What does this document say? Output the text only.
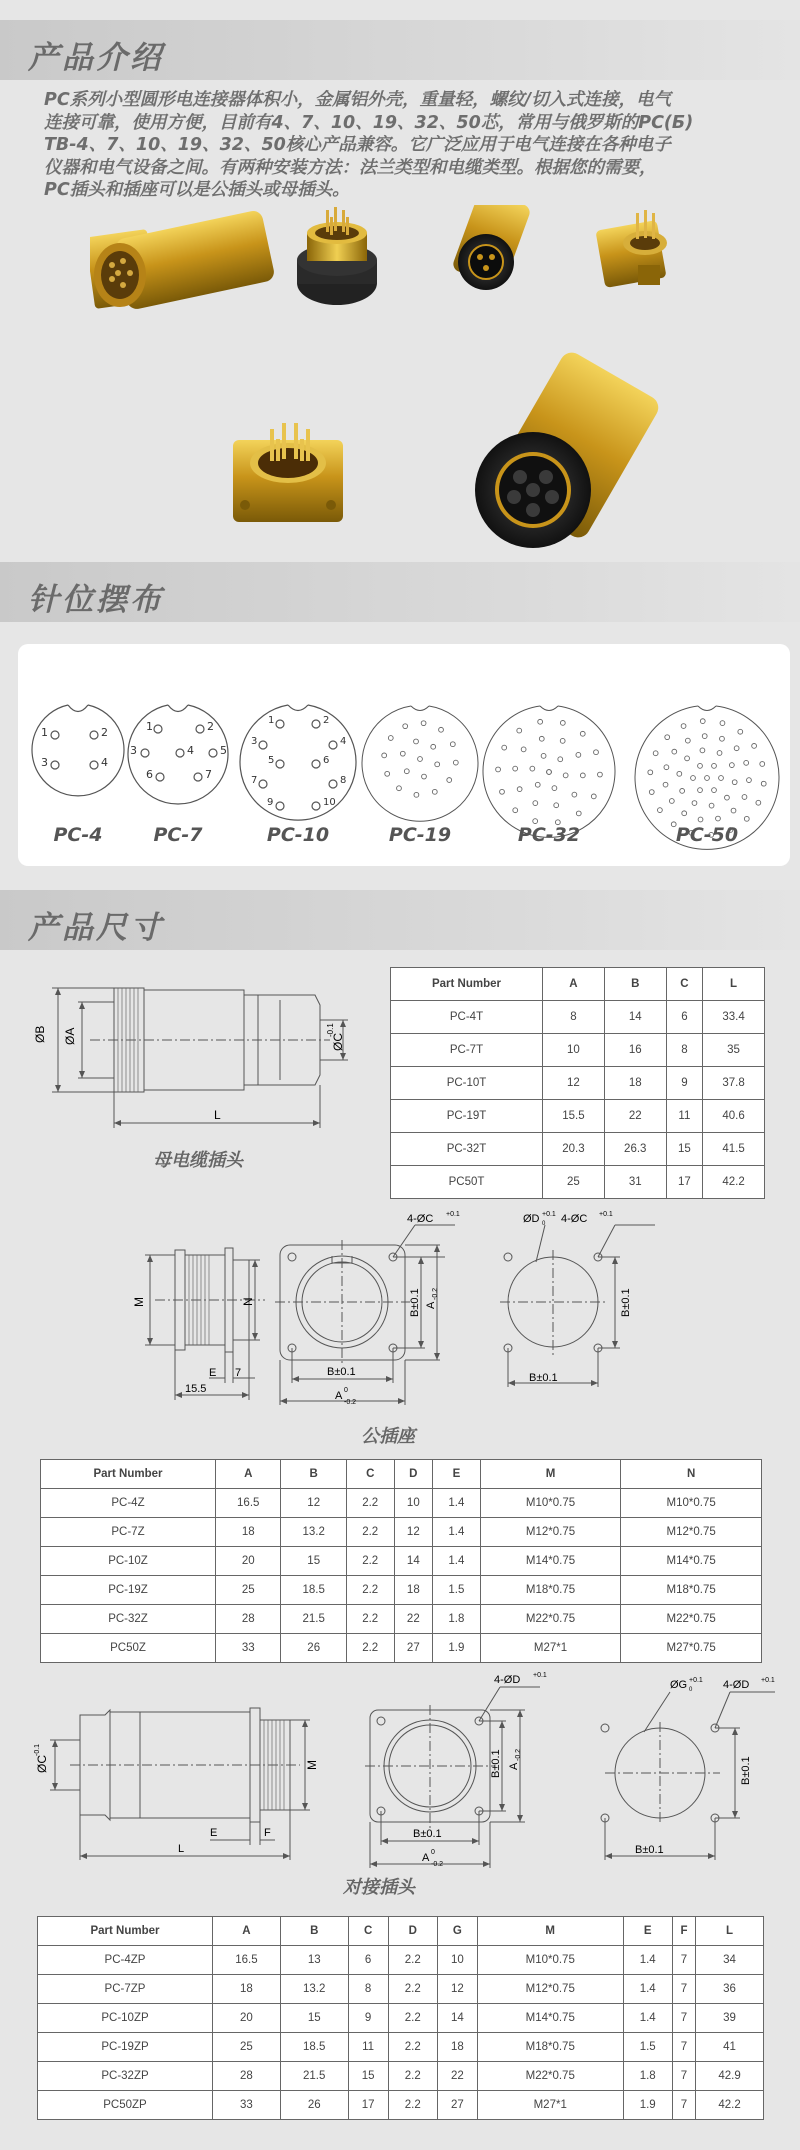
产品介绍
PC系列小型圆形电连接器体积小，金属铝外壳，重量轻，螺纹/切入式连接，电气
连接可靠，使用方便，目前有4、7、10、19、32、50芯，常用与俄罗斯的PC(Б)
ТВ-4、7、10、19、32、50核心产品兼容。它广泛应用于电气连接在各种电子
仪器和电气设备之间。有两种安装方法：法兰类型和电缆类型。根据您的需要，
PC插头和插座可以是公插头或母插头。
针位摆布
1	2
3	4
1	2
3	4 5
6	7
1	2
3	4
5	6
7	8
9	10
PC-4	PC-7	PC-10	PC-19	PC-32	PC-50
产品尺寸
ØB ØA
L
ØC
-0.1
母电缆插头
Part Number	A	B	C	L
PC-4T	8	14	6	33.4
PC-7T	10	16	8	35
PC-10T	12	18	9	37.8
PC-19T	15.5	22	11	40.6
PC-32T	20.3	26.3	15	41.5
PC50T	25	31	17	42.2
M	N
E 7
15.5
4-ØC +0.1
B±0.1 A
-0.2
B±0.1
A 0
-0.2
4-ØC +0.1
ØD +0.1
0
B±0.1
B±0.1
公插座
Part Number	A	B	C	D	E	M	N
PC-4Z	16.5	12	2.2	10	1.4	M10*0.75	M10*0.75
PC-7Z	18	13.2	2.2	12	1.4	M12*0.75	M12*0.75
PC-10Z	20	15	2.2	14	1.4	M14*0.75	M14*0.75
PC-19Z	25	18.5	2.2	18	1.5	M18*0.75	M18*0.75
PC-32Z	28	21.5	2.2	22	1.8	M22*0.75	M22*0.75
PC50Z	33	26	2.2	27	1.9	M27*1	M27*0.75
ØC
-0.1
M
E	F
L
4-ØD +0.1
B±0.1 A
-0.2
B±0.1
A 0
-0.2
ØG +0.1
0	4-ØD +0.1
B±0.1
B±0.1
对接插头
Part Number	A	B	C	D	G	M	E	F	L
PC-4ZP	16.5	13	6	2.2	10	M10*0.75	1.4	7	34
PC-7ZP	18	13.2	8	2.2	12	M12*0.75	1.4	7	36
PC-10ZP	20	15	9	2.2	14	M14*0.75	1.4	7	39
PC-19ZP	25	18.5	11	2.2	18	M18*0.75	1.5	7	41
PC-32ZP	28	21.5	15	2.2	22	M22*0.75	1.8	7	42.9
PC50ZP	33	26	17	2.2	27	M27*1	1.9	7	42.2
